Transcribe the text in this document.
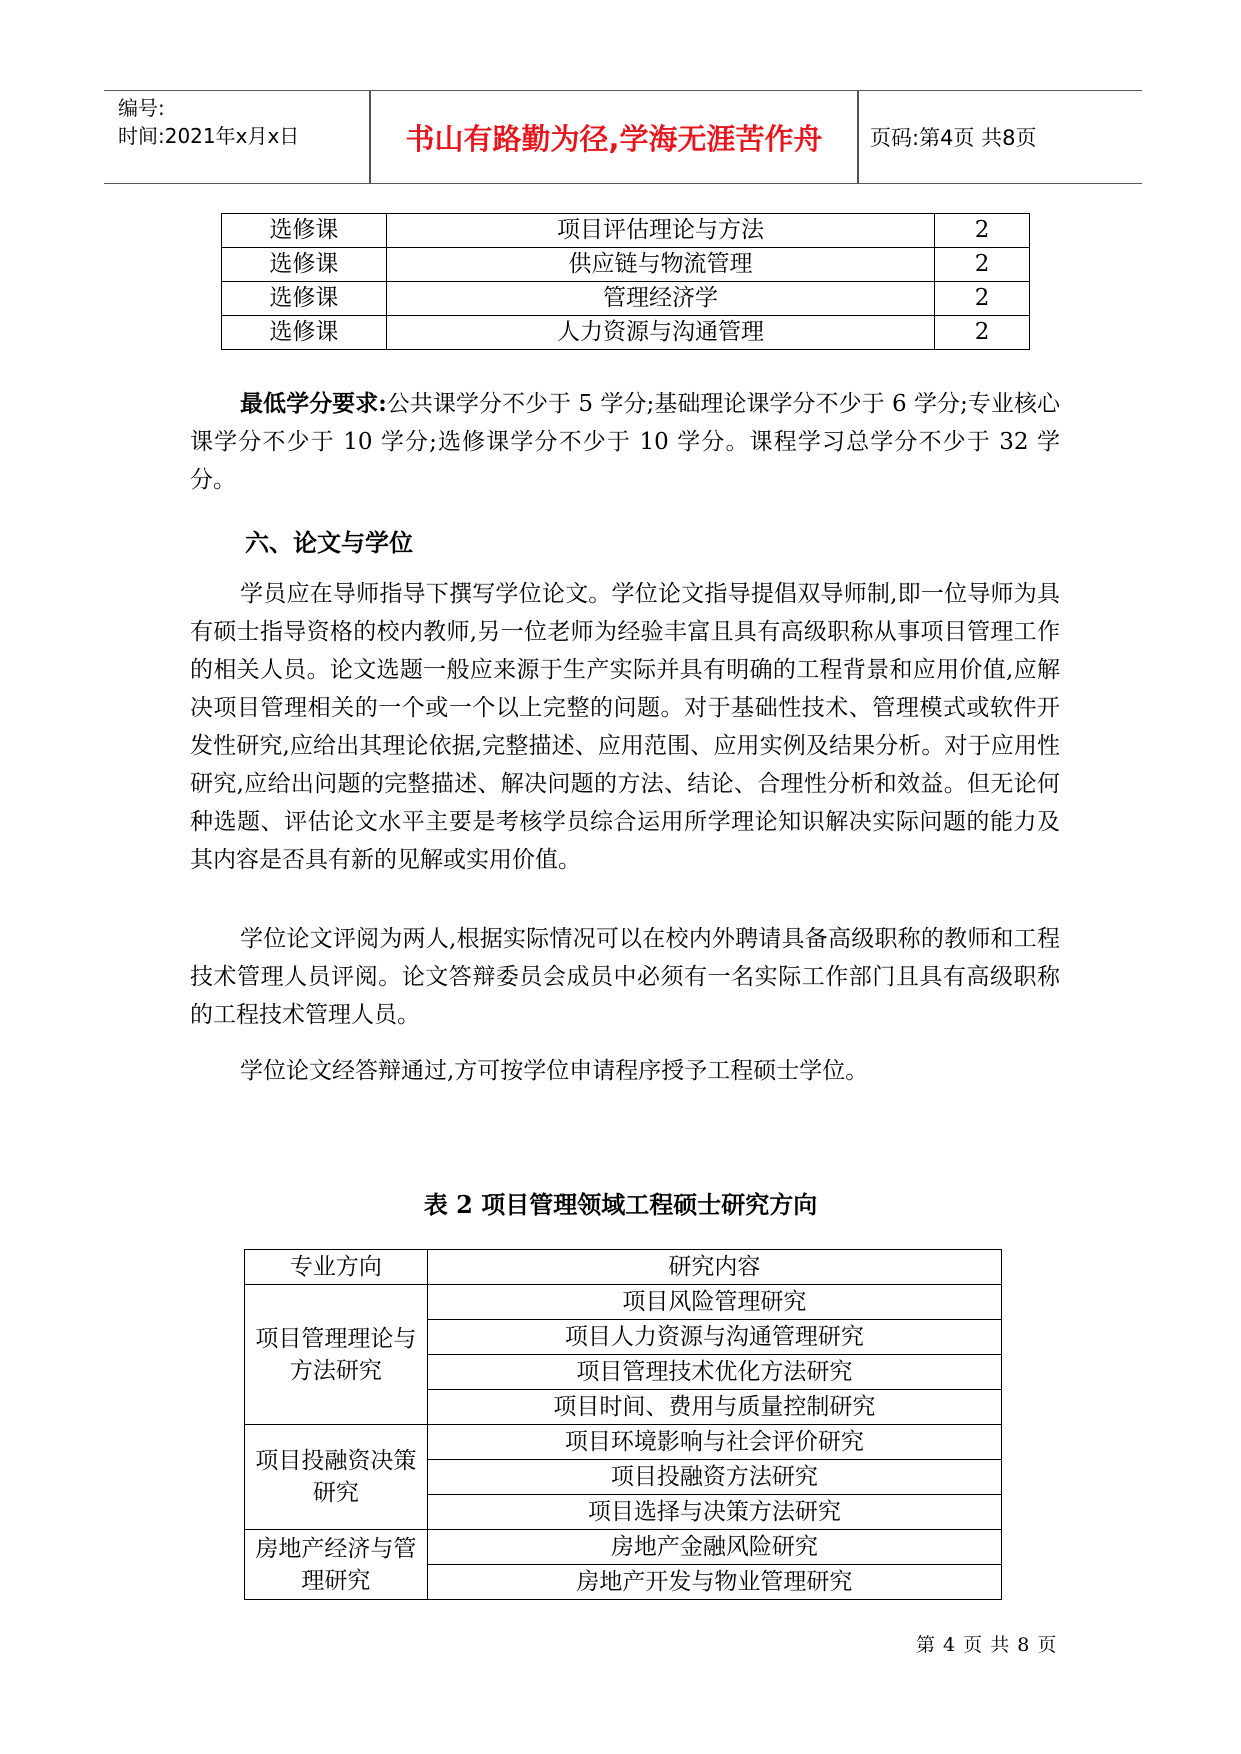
编号:
时间:2021年x月x日	书山有路勤为径,学海无涯苦作舟	页码:第4页 共8页
选修课	项目评估理论与方法	2
选修课	供应链与物流管理	2
选修课	管理经济学	2
选修课	人力资源与沟通管理	2
最低学分要求:公共课学分不少于 5 学分;基础理论课学分不少于 6 学分;专业核心课学分不少于 10 学分;选修课学分不少于 10 学分。课程学习总学分不少于 32 学分。
六、论文与学位
学员应在导师指导下撰写学位论文。学位论文指导提倡双导师制,即一位导师为具有硕士指导资格的校内教师,另一位老师为经验丰富且具有高级职称从事项目管理工作的相关人员。论文选题一般应来源于生产实际并具有明确的工程背景和应用价值,应解决项目管理相关的一个或一个以上完整的问题。对于基础性技术、管理模式或软件开发性研究,应给出其理论依据,完整描述、应用范围、应用实例及结果分析。对于应用性研究,应给出问题的完整描述、解决问题的方法、结论、合理性分析和效益。但无论何种选题、评估论文水平主要是考核学员综合运用所学理论知识解决实际问题的能力及其内容是否具有新的见解或实用价值。
学位论文评阅为两人,根据实际情况可以在校内外聘请具备高级职称的教师和工程技术管理人员评阅。论文答辩委员会成员中必须有一名实际工作部门且具有高级职称的工程技术管理人员。
学位论文经答辩通过,方可按学位申请程序授予工程硕士学位。
表 2 项目管理领域工程硕士研究方向
专业方向	研究内容
项目管理理论与方法研究	项目风险管理研究
	项目人力资源与沟通管理研究
	项目管理技术优化方法研究
	项目时间、费用与质量控制研究
项目投融资决策研究	项目环境影响与社会评价研究
	项目投融资方法研究
	项目选择与决策方法研究
房地产经济与管理研究	房地产金融风险研究
	房地产开发与物业管理研究
第 4 页 共 8 页
